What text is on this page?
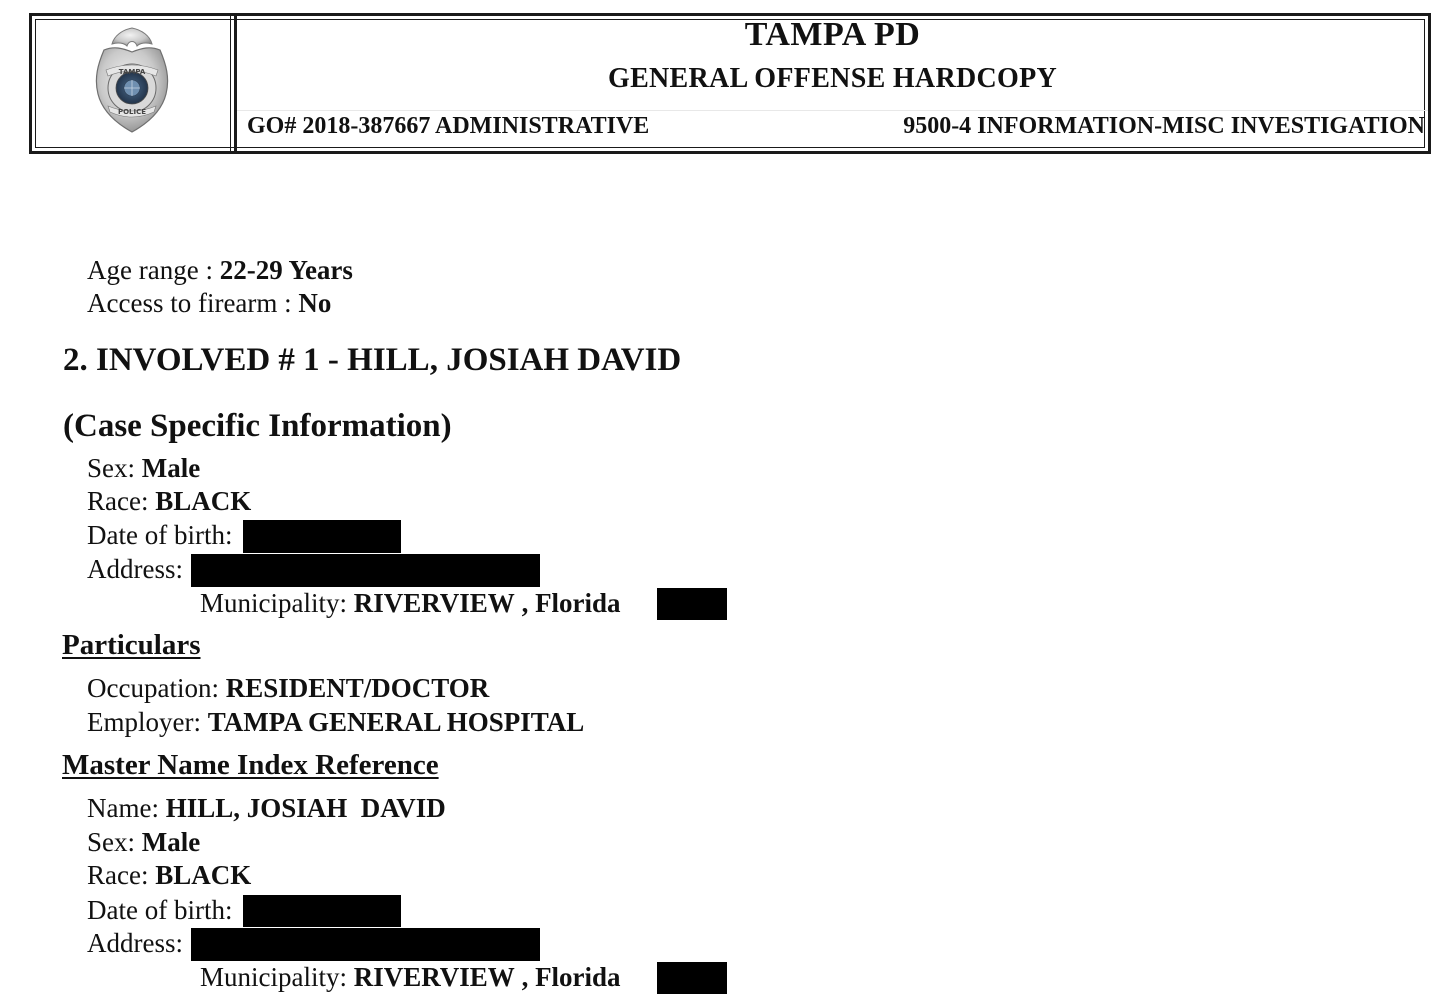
TAMPA
POLICE
TAMPA PD
GENERAL OFFENSE HARDCOPY
GO# 2018-387667 ADMINISTRATIVE	9500-4 INFORMATION-MISC INVESTIGATION
Age range : 22-29 Years
Access to firearm : No
2. INVOLVED # 1 - HILL, JOSIAH DAVID
(Case Specific Information)
Sex: Male
Race: BLACK
Date of birth:
Address:
Municipality: RIVERVIEW , Florida
Particulars
Occupation: RESIDENT/DOCTOR
Employer: TAMPA GENERAL HOSPITAL
Master Name Index Reference
Name: HILL, JOSIAH  DAVID
Sex: Male
Race: BLACK
Date of birth:
Address:
Municipality: RIVERVIEW , Florida
